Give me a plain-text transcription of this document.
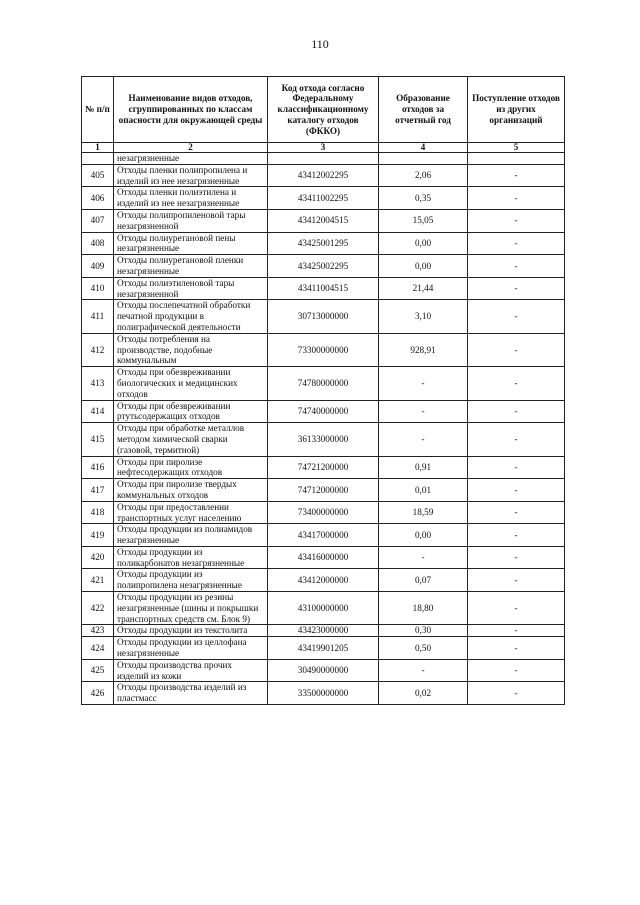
110
№ п/п	Наименование видов отходов, сгруппированных по классам опасности для окружающей среды	Код отхода согласно Федеральному классификационному каталогу отходов (ФККО)	Образование отходов за отчетный год	Поступление отходов из других организаций
1	2	3	4	5
	незагрязненные			
405	Отходы пленки полипропилена и изделий из нее незагрязненные	43412002295	2,06	-
406	Отходы пленки полиэтилена и изделий из нее незагрязненные	43411002295	0,35	-
407	Отходы полипропиленовой тары незагрязненной	43412004515	15,05	-
408	Отходы полиуретановой пены незагрязненные	43425001295	0,00	-
409	Отходы полиуретановой пленки незагрязненные	43425002295	0,00	-
410	Отходы полиэтиленовой тары незагрязненной	43411004515	21,44	-
411	Отходы послепечатной обработки печатной продукции в полиграфической деятельности	30713000000	3,10	-
412	Отходы потребления на производстве, подобные коммунальным	73300000000	928,91	-
413	Отходы при обезвреживании биологических и медицинских отходов	74780000000	-	-
414	Отходы при обезвреживании ртутьсодержащих отходов	74740000000	-	-
415	Отходы при обработке металлов методом химической сварки (газовой, термитной)	36133000000	-	-
416	Отходы при пиролизе нефтесодержащих отходов	74721200000	0,91	-
417	Отходы при пиролизе твердых коммунальных отходов	74712000000	0,01	-
418	Отходы при предоставлении транспортных услуг населению	73400000000	18,59	-
419	Отходы продукции из полиамидов незагрязненные	43417000000	0,00	-
420	Отходы продукции из поликарбонатов незагрязненные	43416000000	-	-
421	Отходы продукции из полипропилена незагрязненные	43412000000	0,07	-
422	Отходы продукции из резины незагрязненные (шины и покрышки транспортных средств см. Блок 9)	43100000000	18,80	-
423	Отходы продукции из текстолита	43423000000	0,30	-
424	Отходы продукции из целлофана незагрязненные	43419901205	0,50	-
425	Отходы производства прочих изделий из кожи	30490000000	-	-
426	Отходы производства изделий из пластмасс	33500000000	0,02	-
